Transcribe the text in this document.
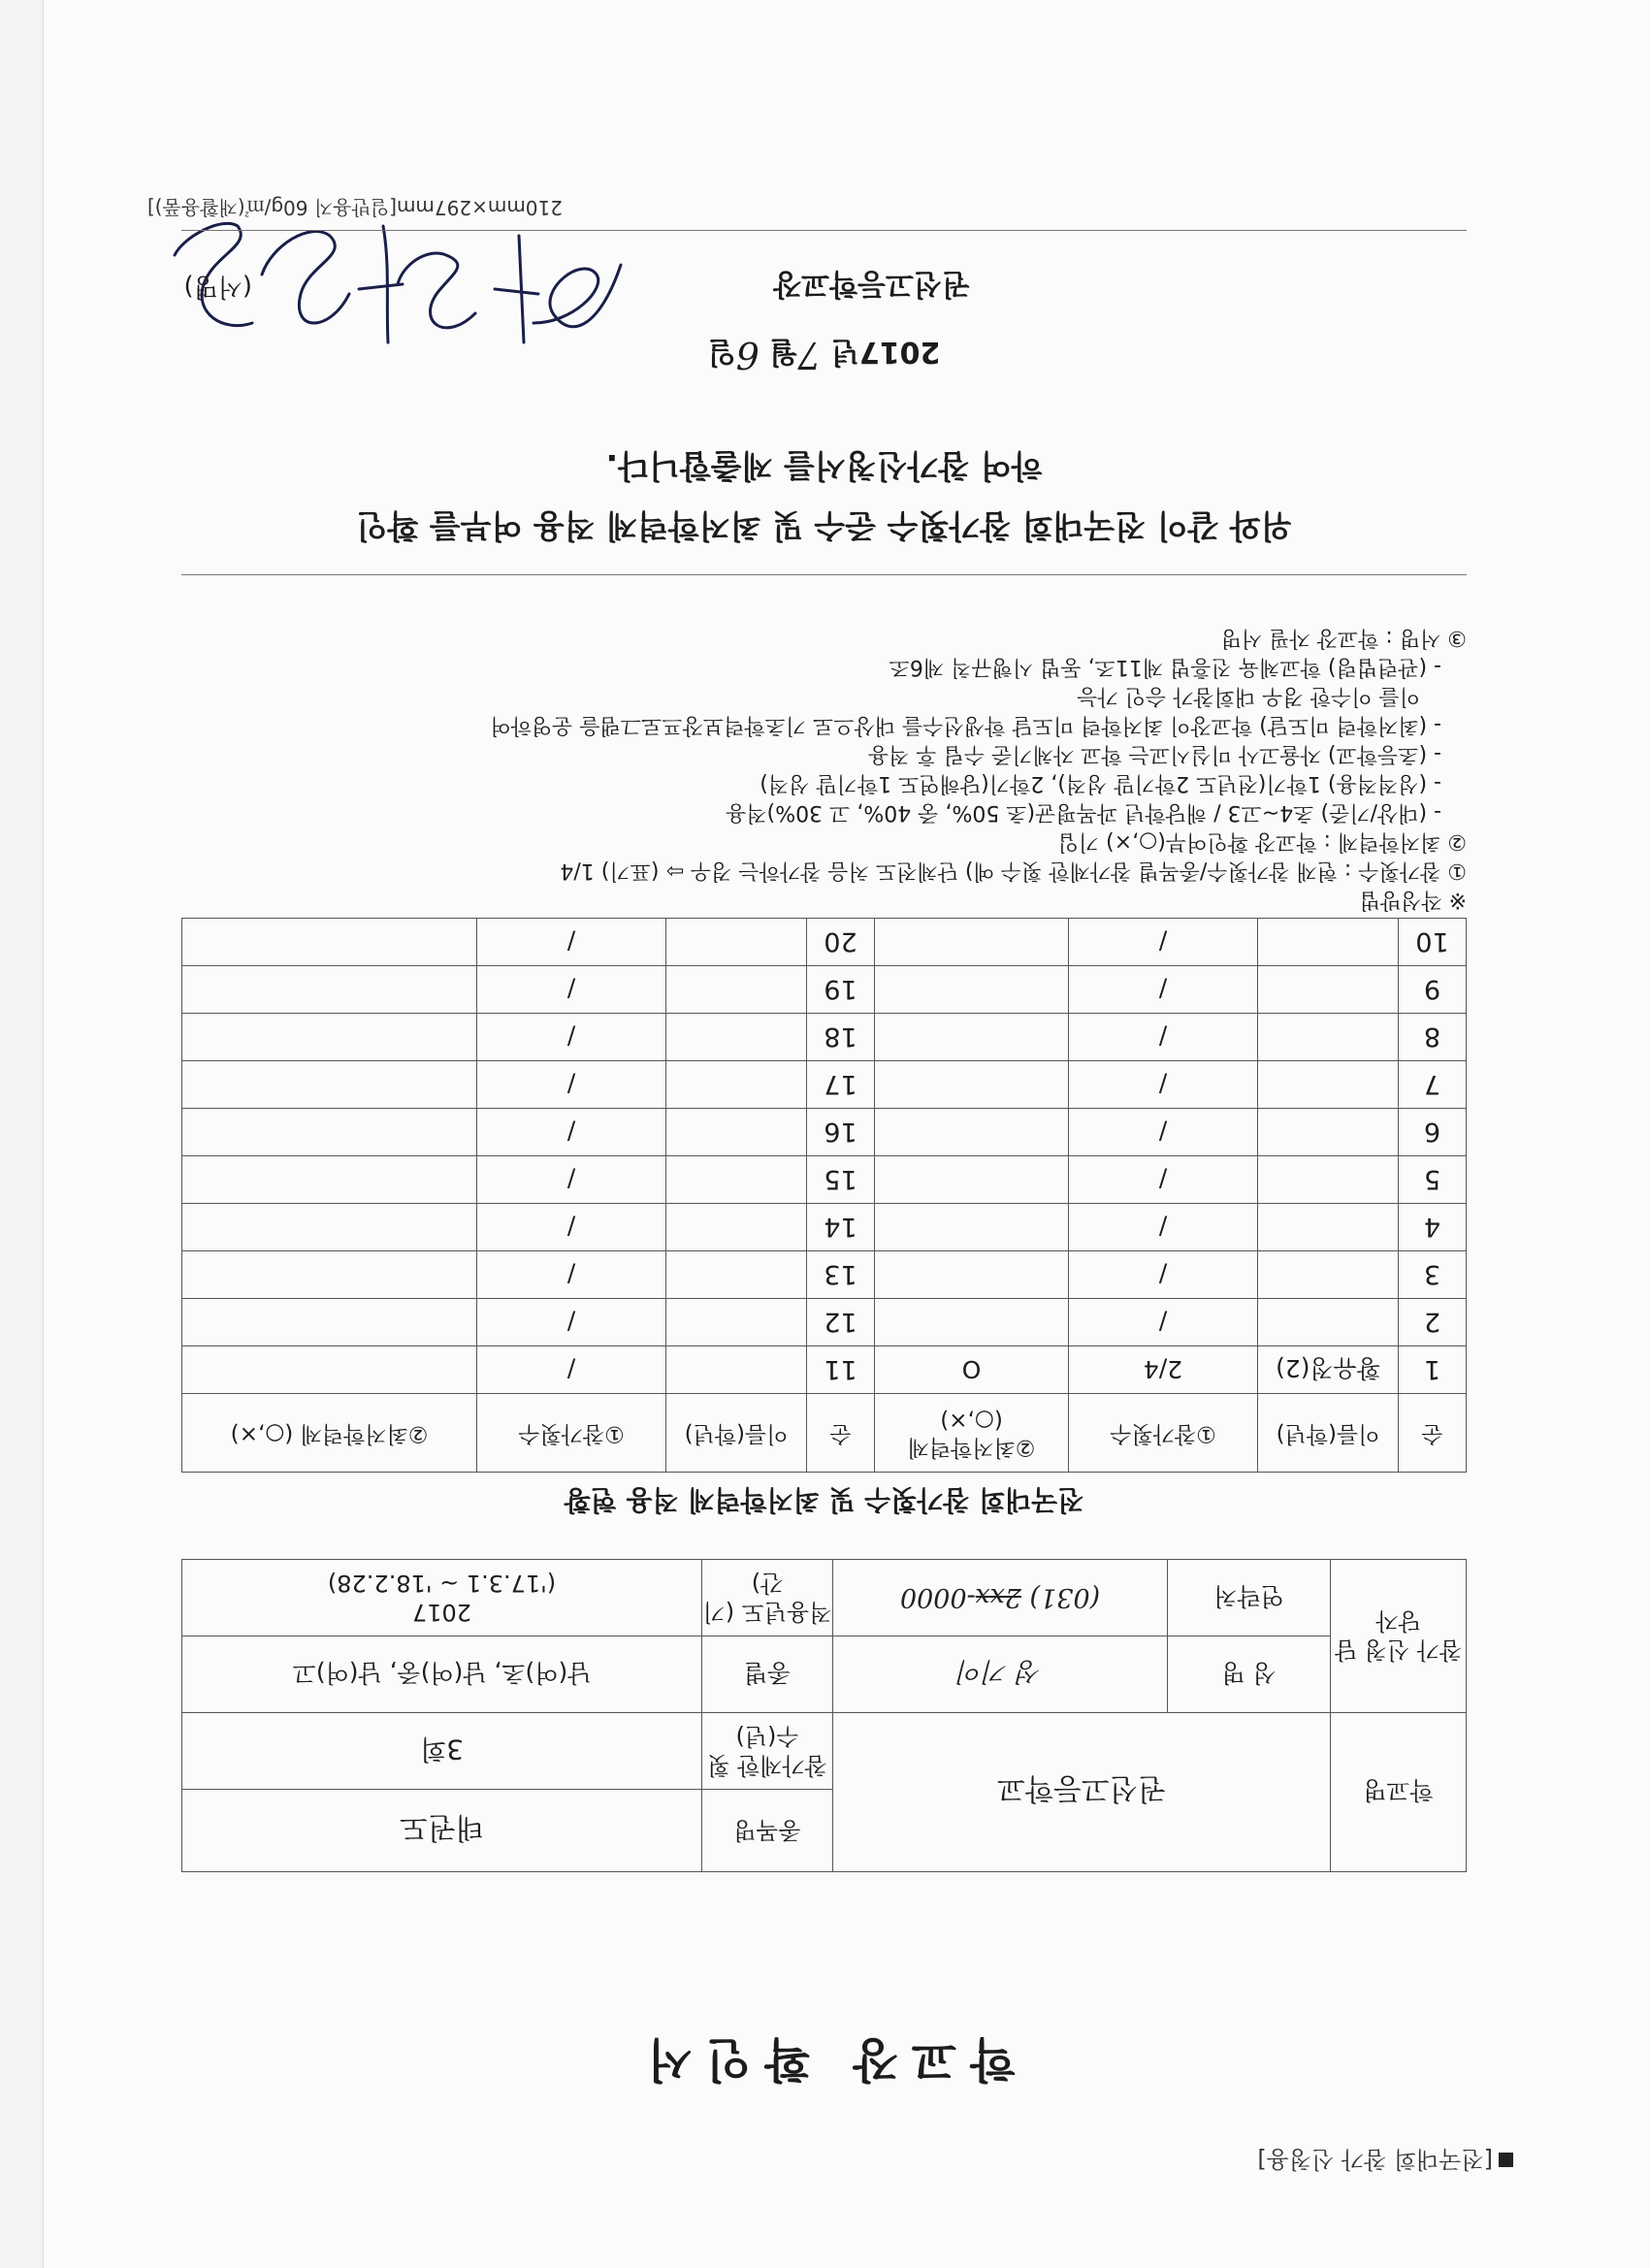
[전국대회 참가 신청용]
학교장 확인서
학교명	권선고등학교		종목명	태권도
			참가제한 횟수(년)	3회
참가 신청 담당자	성 명	성 기이	종별	남(여)초, 남(여)중, 남(여)고
	연락처	(031) 2xx-0000	적용년도 (기간)	2017
('17.3.1 ~ '18.2.28)
전국대회 참가횟수 및 최저학력제 적용 현황
순	이름(학년)	①참가횟수	②최저학력제 (○,×)	순	이름(학년)	①참가횟수	②최저학력제 (○,×)
1	황유정(2)	2/4	O	11		/	
2		/		12		/	
3		/		13		/	
4		/		14		/	
5		/		15		/	
6		/		16		/	
7		/		17		/	
8		/		18		/	
9		/		19		/	
10		/		20		/	
※ 작성방법
① 참가횟수 : 현재 참가횟수/종목별 참가제한 횟수 예) 단체전도 처음 참가하는 경우 ⇨ (표기) 1/4
② 최저학력제 : 학교장 확인여부(○,×) 기입
- (대상/기준) 초4~고3 / 해당학년 과목평균(초 50%, 중 40%, 고 30%)적용
- (성적적용) 1학기(전년도 2학기말 성적), 2학기(당해연도 1학기말 성적)
- (초등학교) 자율고사 미실시교는 학교 자체기준 수립 후 적용
- (최저학력 미도달) 학교장이 최저학력 미도달 학생선수를 대상으로 기초학력보장프로그램을 운영하여
이를 이수한 경우 대회참가 승인 가능
- (관련법령) 학교체육 진흥법 제11조, 동법 시행규칙 제6조
③ 서명 : 학교장 자필 서명
위와 같이 전국대회 참가횟수 준수 및 최저학력제 적용 여부를 확인
하여 참가신청서를 제출합니다.
2017년 7월 6일
권선고등학교장
(서명)
210mm×297mm[일반용지 60g/㎡(재활용품)]
